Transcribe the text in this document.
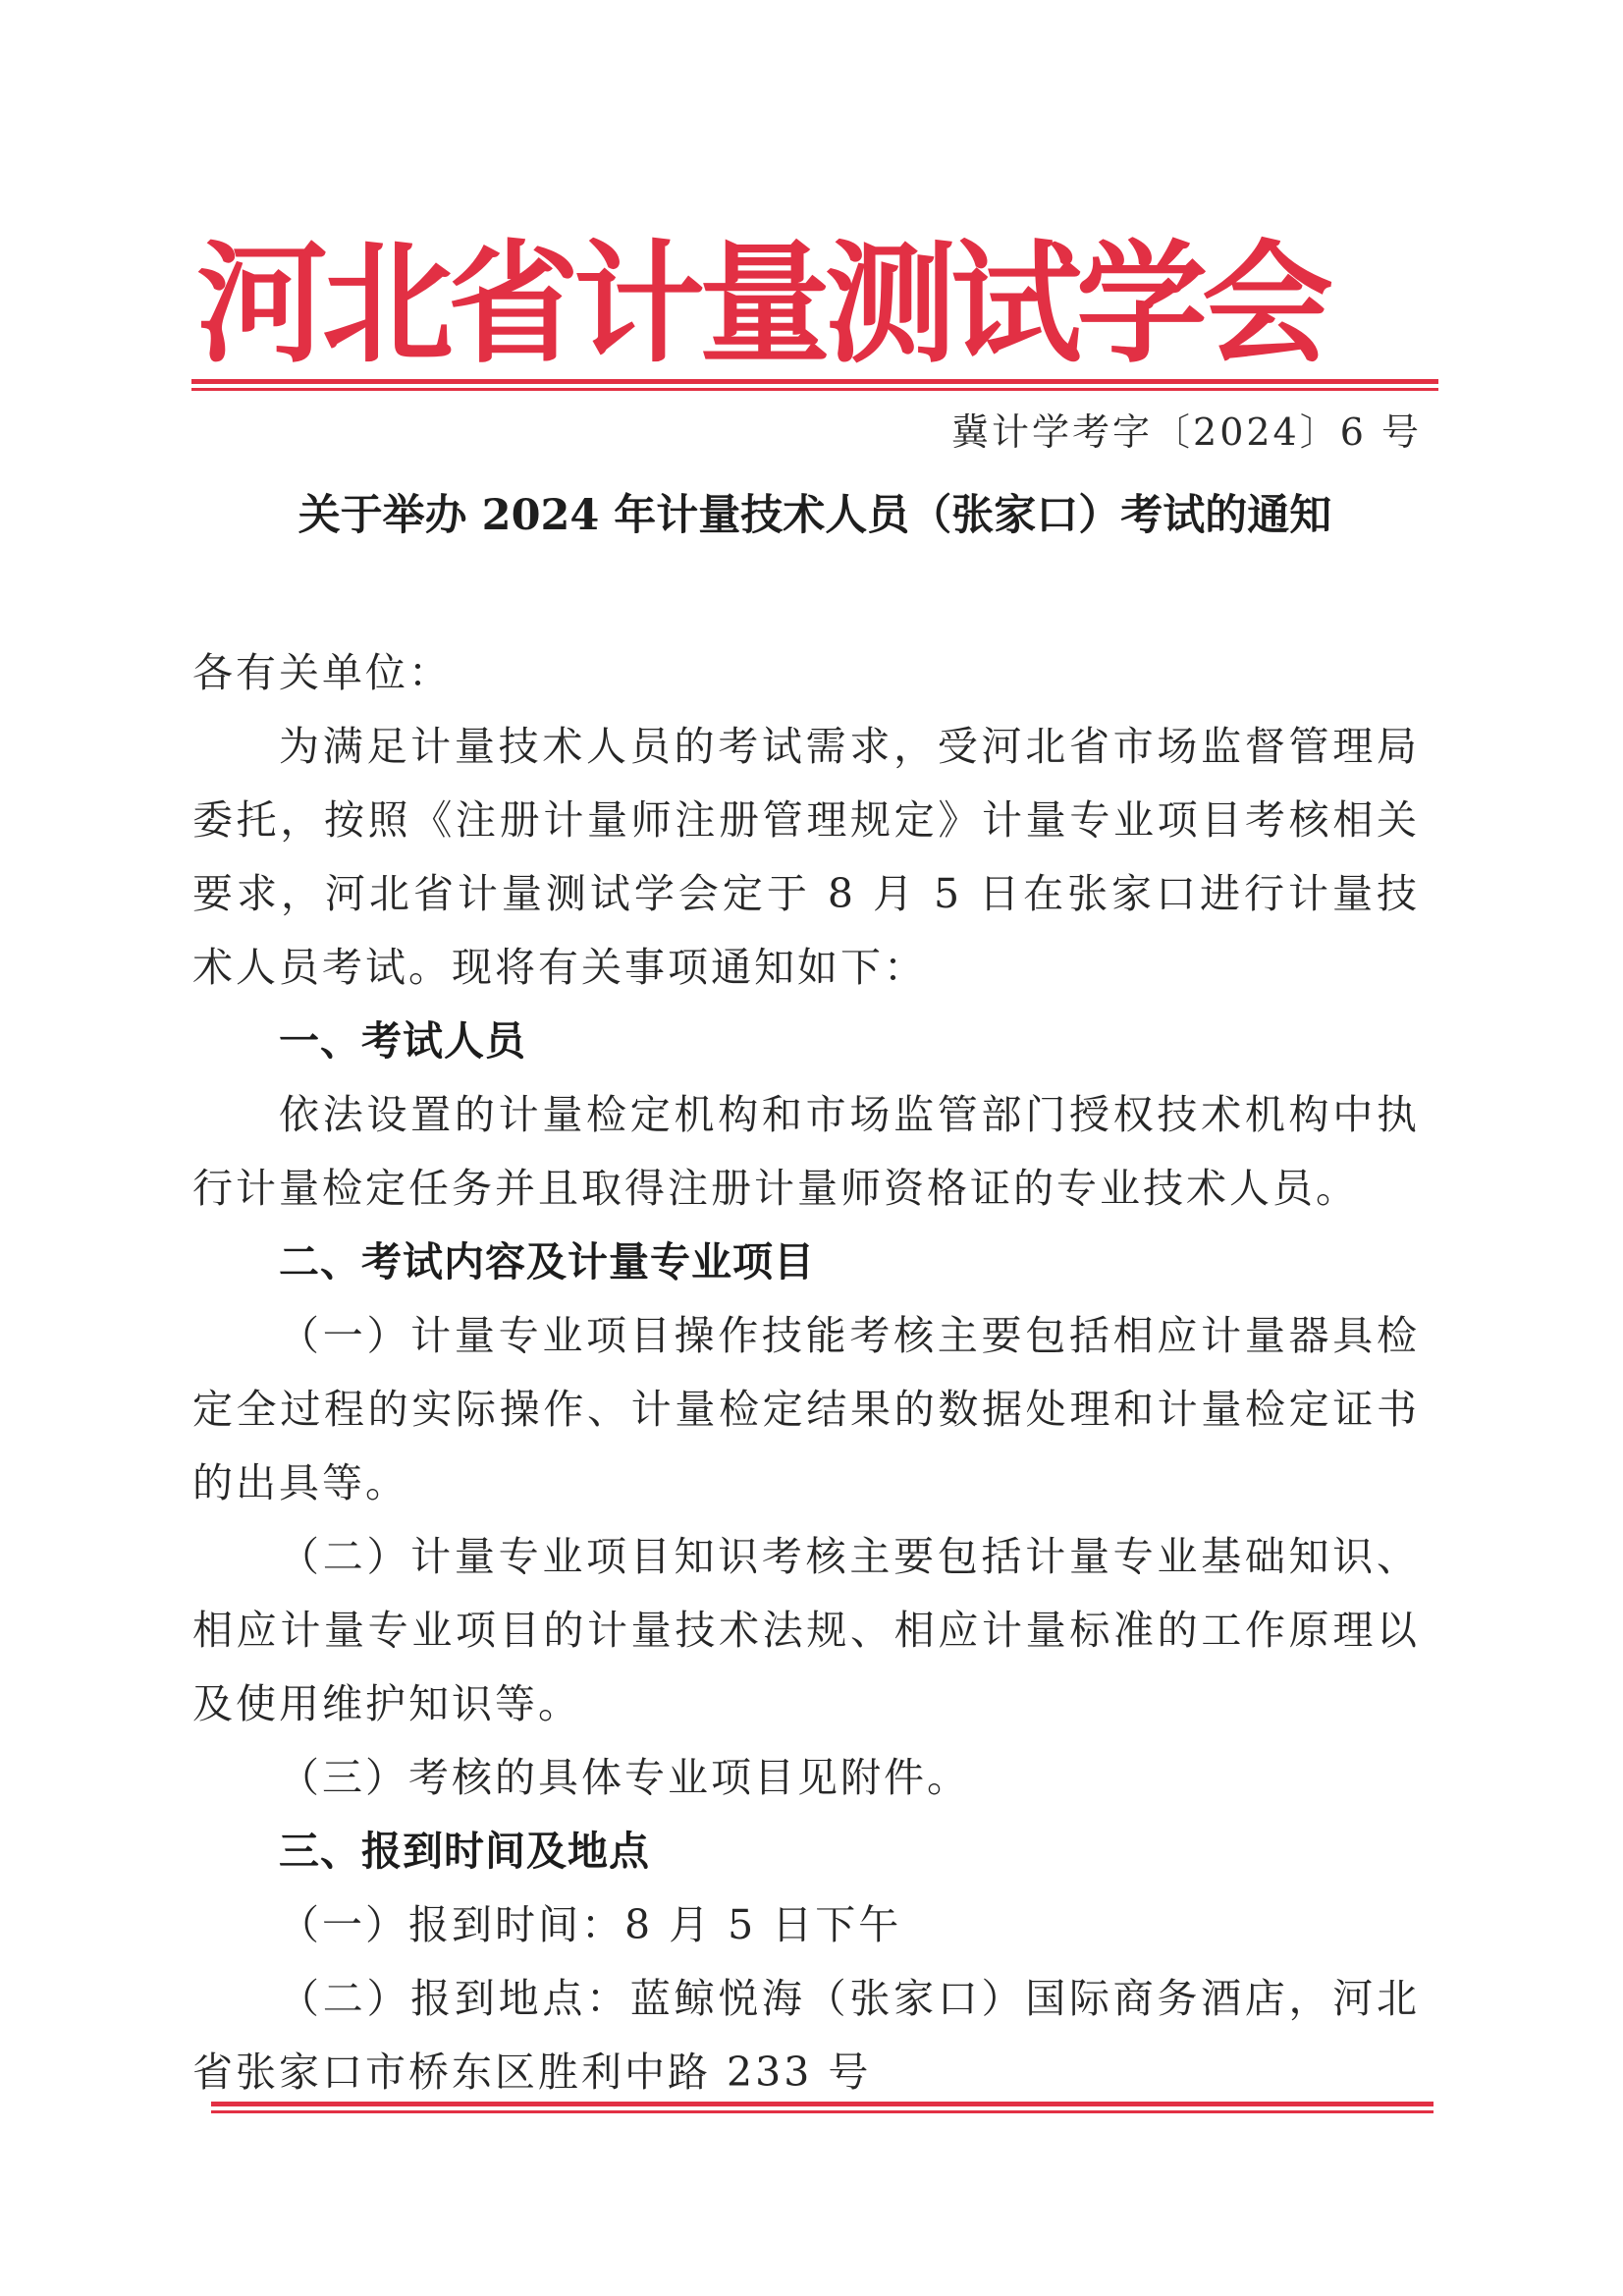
河北省计量测试学会
冀计学考字〔2024〕6 号
关于举办 2024 年计量技术人员（张家口）考试的通知

各有关单位：

为满足计量技术人员的考试需求，受河北省市场监督管理局委托，按照《注册计量师注册管理规定》计量专业项目考核相关要求，河北省计量测试学会定于 8 月 5 日在张家口进行计量技术人员考试。现将有关事项通知如下：

一、考试人员

依法设置的计量检定机构和市场监管部门授权技术机构中执行计量检定任务并且取得注册计量师资格证的专业技术人员。

二、考试内容及计量专业项目

（一）计量专业项目操作技能考核主要包括相应计量器具检定全过程的实际操作、计量检定结果的数据处理和计量检定证书的出具等。

（二）计量专业项目知识考核主要包括计量专业基础知识、相应计量专业项目的计量技术法规、相应计量标准的工作原理以及使用维护知识等。

（三）考核的具体专业项目见附件。

三、报到时间及地点

（一）报到时间：8 月 5 日下午

（二）报到地点：蓝鲸悦海（张家口）国际商务酒店，河北省张家口市桥东区胜利中路 233 号
